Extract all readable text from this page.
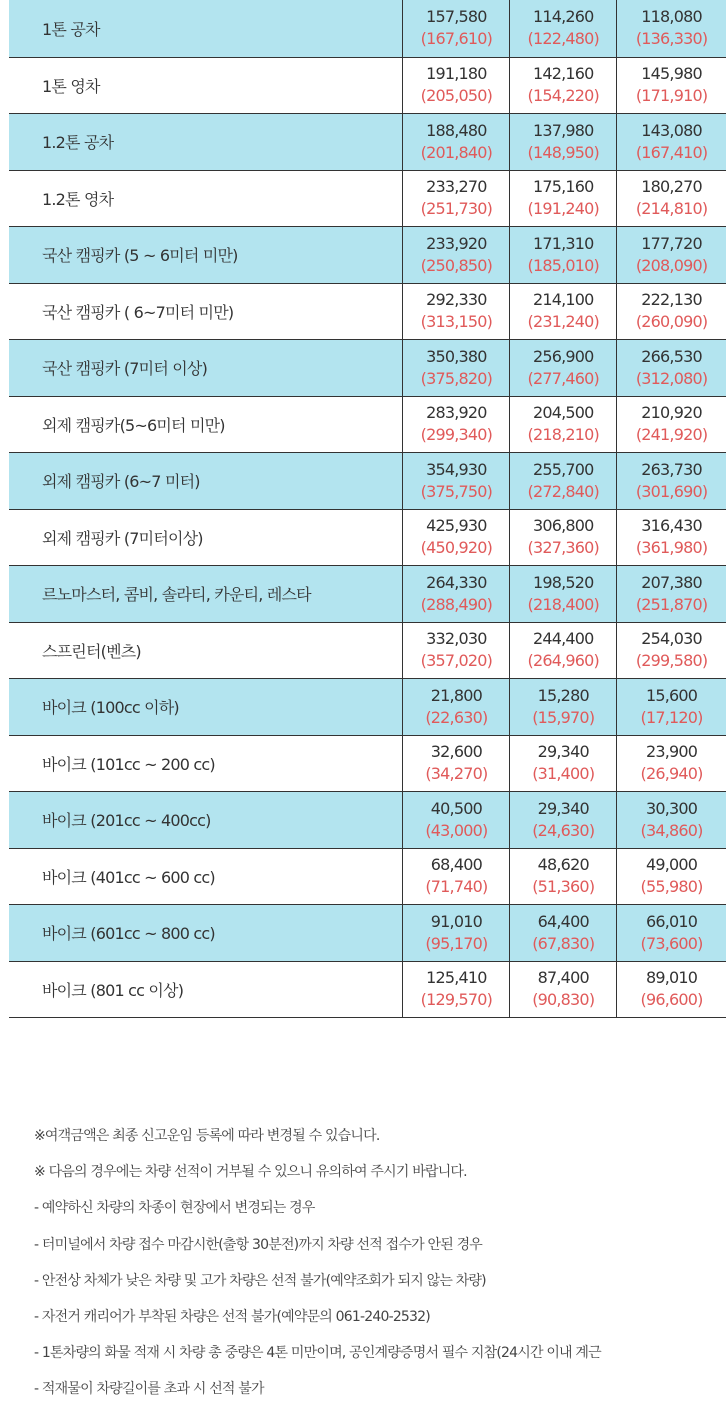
1톤 공차
157,580
(167,610)
114,260
(122,480)
118,080
(136,330)
1톤 영차
191,180
(205,050)
142,160
(154,220)
145,980
(171,910)
1.2톤 공차
188,480
(201,840)
137,980
(148,950)
143,080
(167,410)
1.2톤 영차
233,270
(251,730)
175,160
(191,240)
180,270
(214,810)
국산 캠핑카 (5 ~ 6미터 미만)
233,920
(250,850)
171,310
(185,010)
177,720
(208,090)
국산 캠핑카 ( 6~7미터 미만)
292,330
(313,150)
214,100
(231,240)
222,130
(260,090)
국산 캠핑카 (7미터 이상)
350,380
(375,820)
256,900
(277,460)
266,530
(312,080)
외제 캠핑카(5~6미터 미만)
283,920
(299,340)
204,500
(218,210)
210,920
(241,920)
외제 캠핑카 (6~7 미터)
354,930
(375,750)
255,700
(272,840)
263,730
(301,690)
외제 캠핑카 (7미터이상)
425,930
(450,920)
306,800
(327,360)
316,430
(361,980)
르노마스터, 콤비, 솔라티, 카운티, 레스타
264,330
(288,490)
198,520
(218,400)
207,380
(251,870)
스프린터(벤츠)
332,030
(357,020)
244,400
(264,960)
254,030
(299,580)
바이크 (100cc 이하)
21,800
(22,630)
15,280
(15,970)
15,600
(17,120)
바이크 (101cc ~ 200 cc)
32,600
(34,270)
29,340
(31,400)
23,900
(26,940)
바이크 (201cc ~ 400cc)
40,500
(43,000)
29,340
(24,630)
30,300
(34,860)
바이크 (401cc ~ 600 cc)
68,400
(71,740)
48,620
(51,360)
49,000
(55,980)
바이크 (601cc ~ 800 cc)
91,010
(95,170)
64,400
(67,830)
66,010
(73,600)
바이크 (801 cc 이상)
125,410
(129,570)
87,400
(90,830)
89,010
(96,600)
※여객금액은 최종 신고운임 등록에 따라 변경될 수 있습니다.
※ 다음의 경우에는 차량 선적이 거부될 수 있으니 유의하여 주시기 바랍니다.
- 예약하신 차량의 차종이 현장에서 변경되는 경우
- 터미널에서 차량 접수 마감시한(출항 30분전)까지 차량 선적 접수가 안된 경우
- 안전상 차체가 낮은 차량 및 고가 차량은 선적 불가(예약조회가 되지 않는 차량)
- 자전거 캐리어가 부착된 차량은 선적 불가(예약문의 061-240-2532)
- 1톤차량의 화물 적재 시 차량 총 중량은 4톤 미만이며, 공인계량증명서 필수 지참(24시간 이내 계근
- 적재물이 차량길이를 초과 시 선적 불가
